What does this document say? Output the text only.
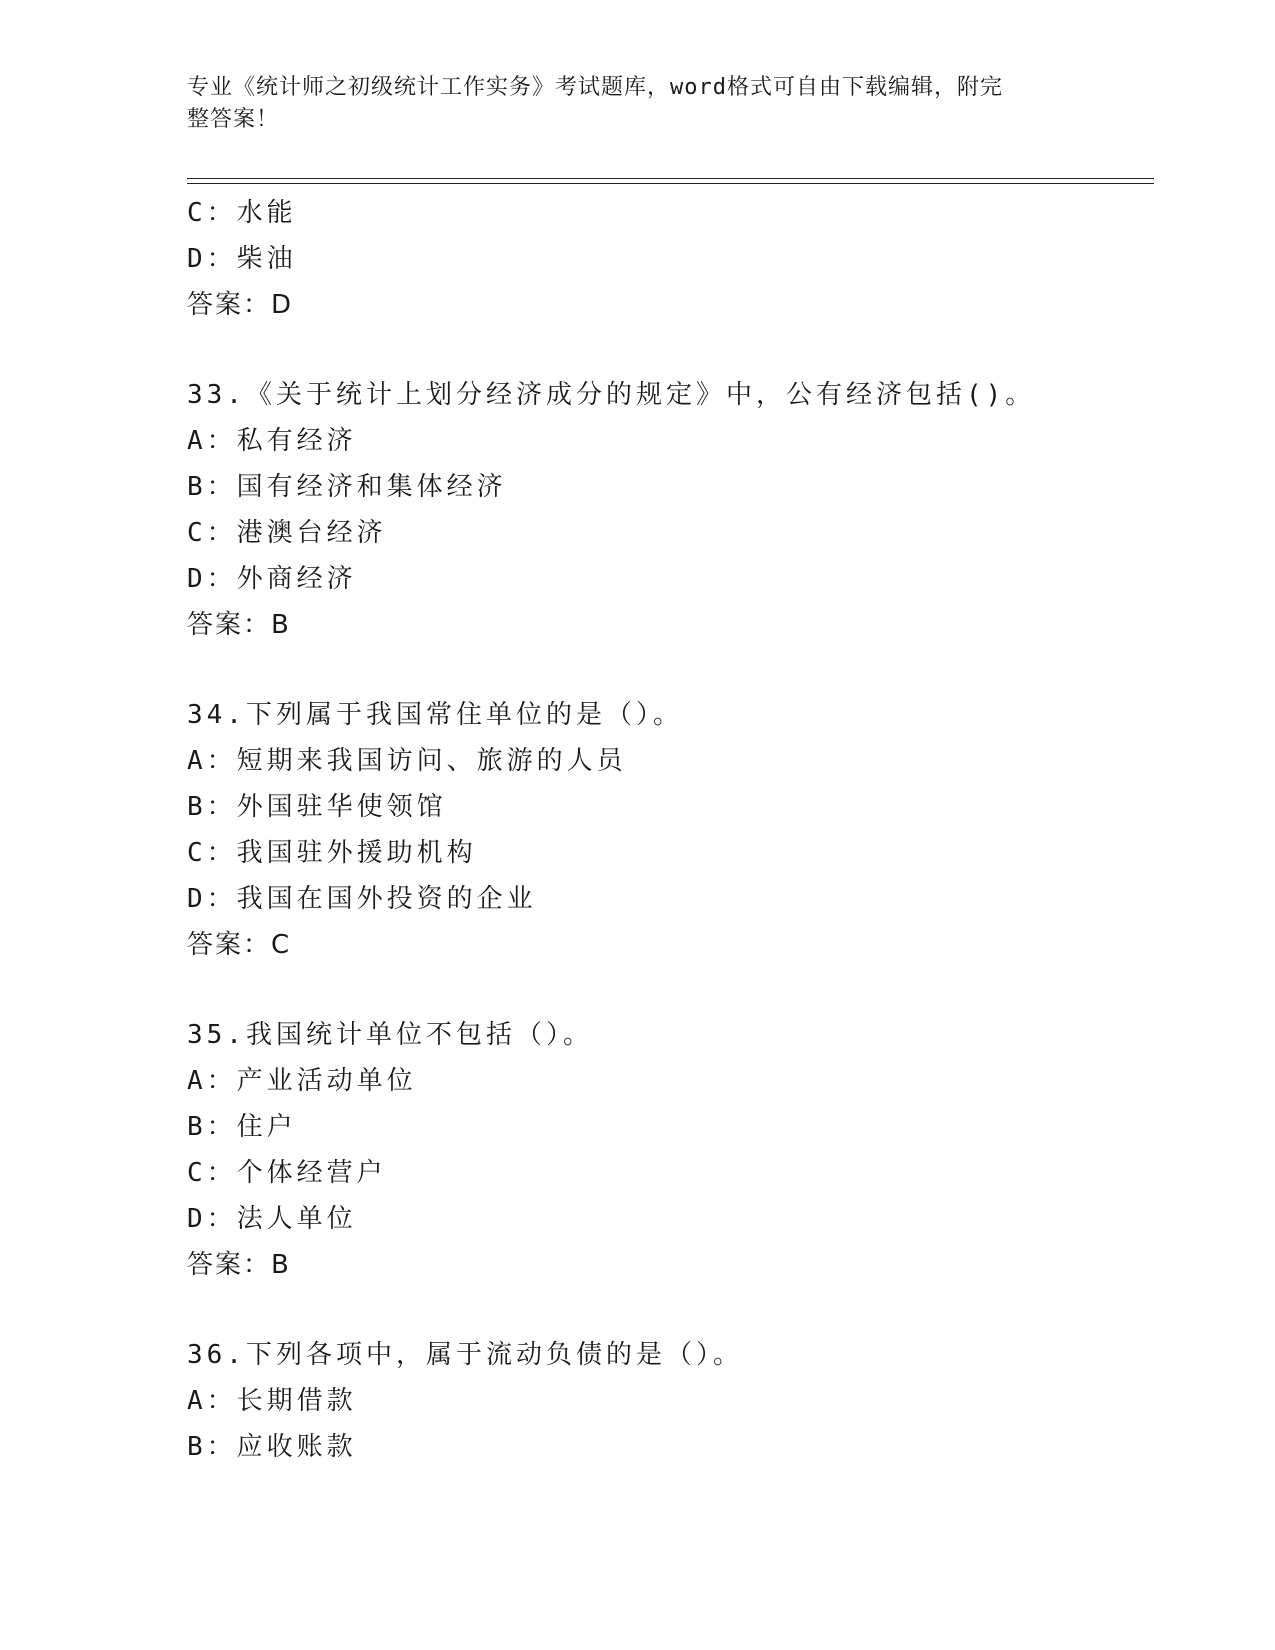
专业《统计师之初级统计工作实务》考试题库，word格式可自由下载编辑，附完
整答案！
C：水能
D：柴油
答案：D
33.《关于统计上划分经济成分的规定》中，公有经济包括()。
A：私有经济
B：国有经济和集体经济
C：港澳台经济
D：外商经济
答案：B
34.下列属于我国常住单位的是（）。
A：短期来我国访问、旅游的人员
B：外国驻华使领馆
C：我国驻外援助机构
D：我国在国外投资的企业
答案：C
35.我国统计单位不包括（）。
A：产业活动单位
B：住户
C：个体经营户
D：法人单位
答案：B
36.下列各项中，属于流动负债的是（）。
A：长期借款
B：应收账款
